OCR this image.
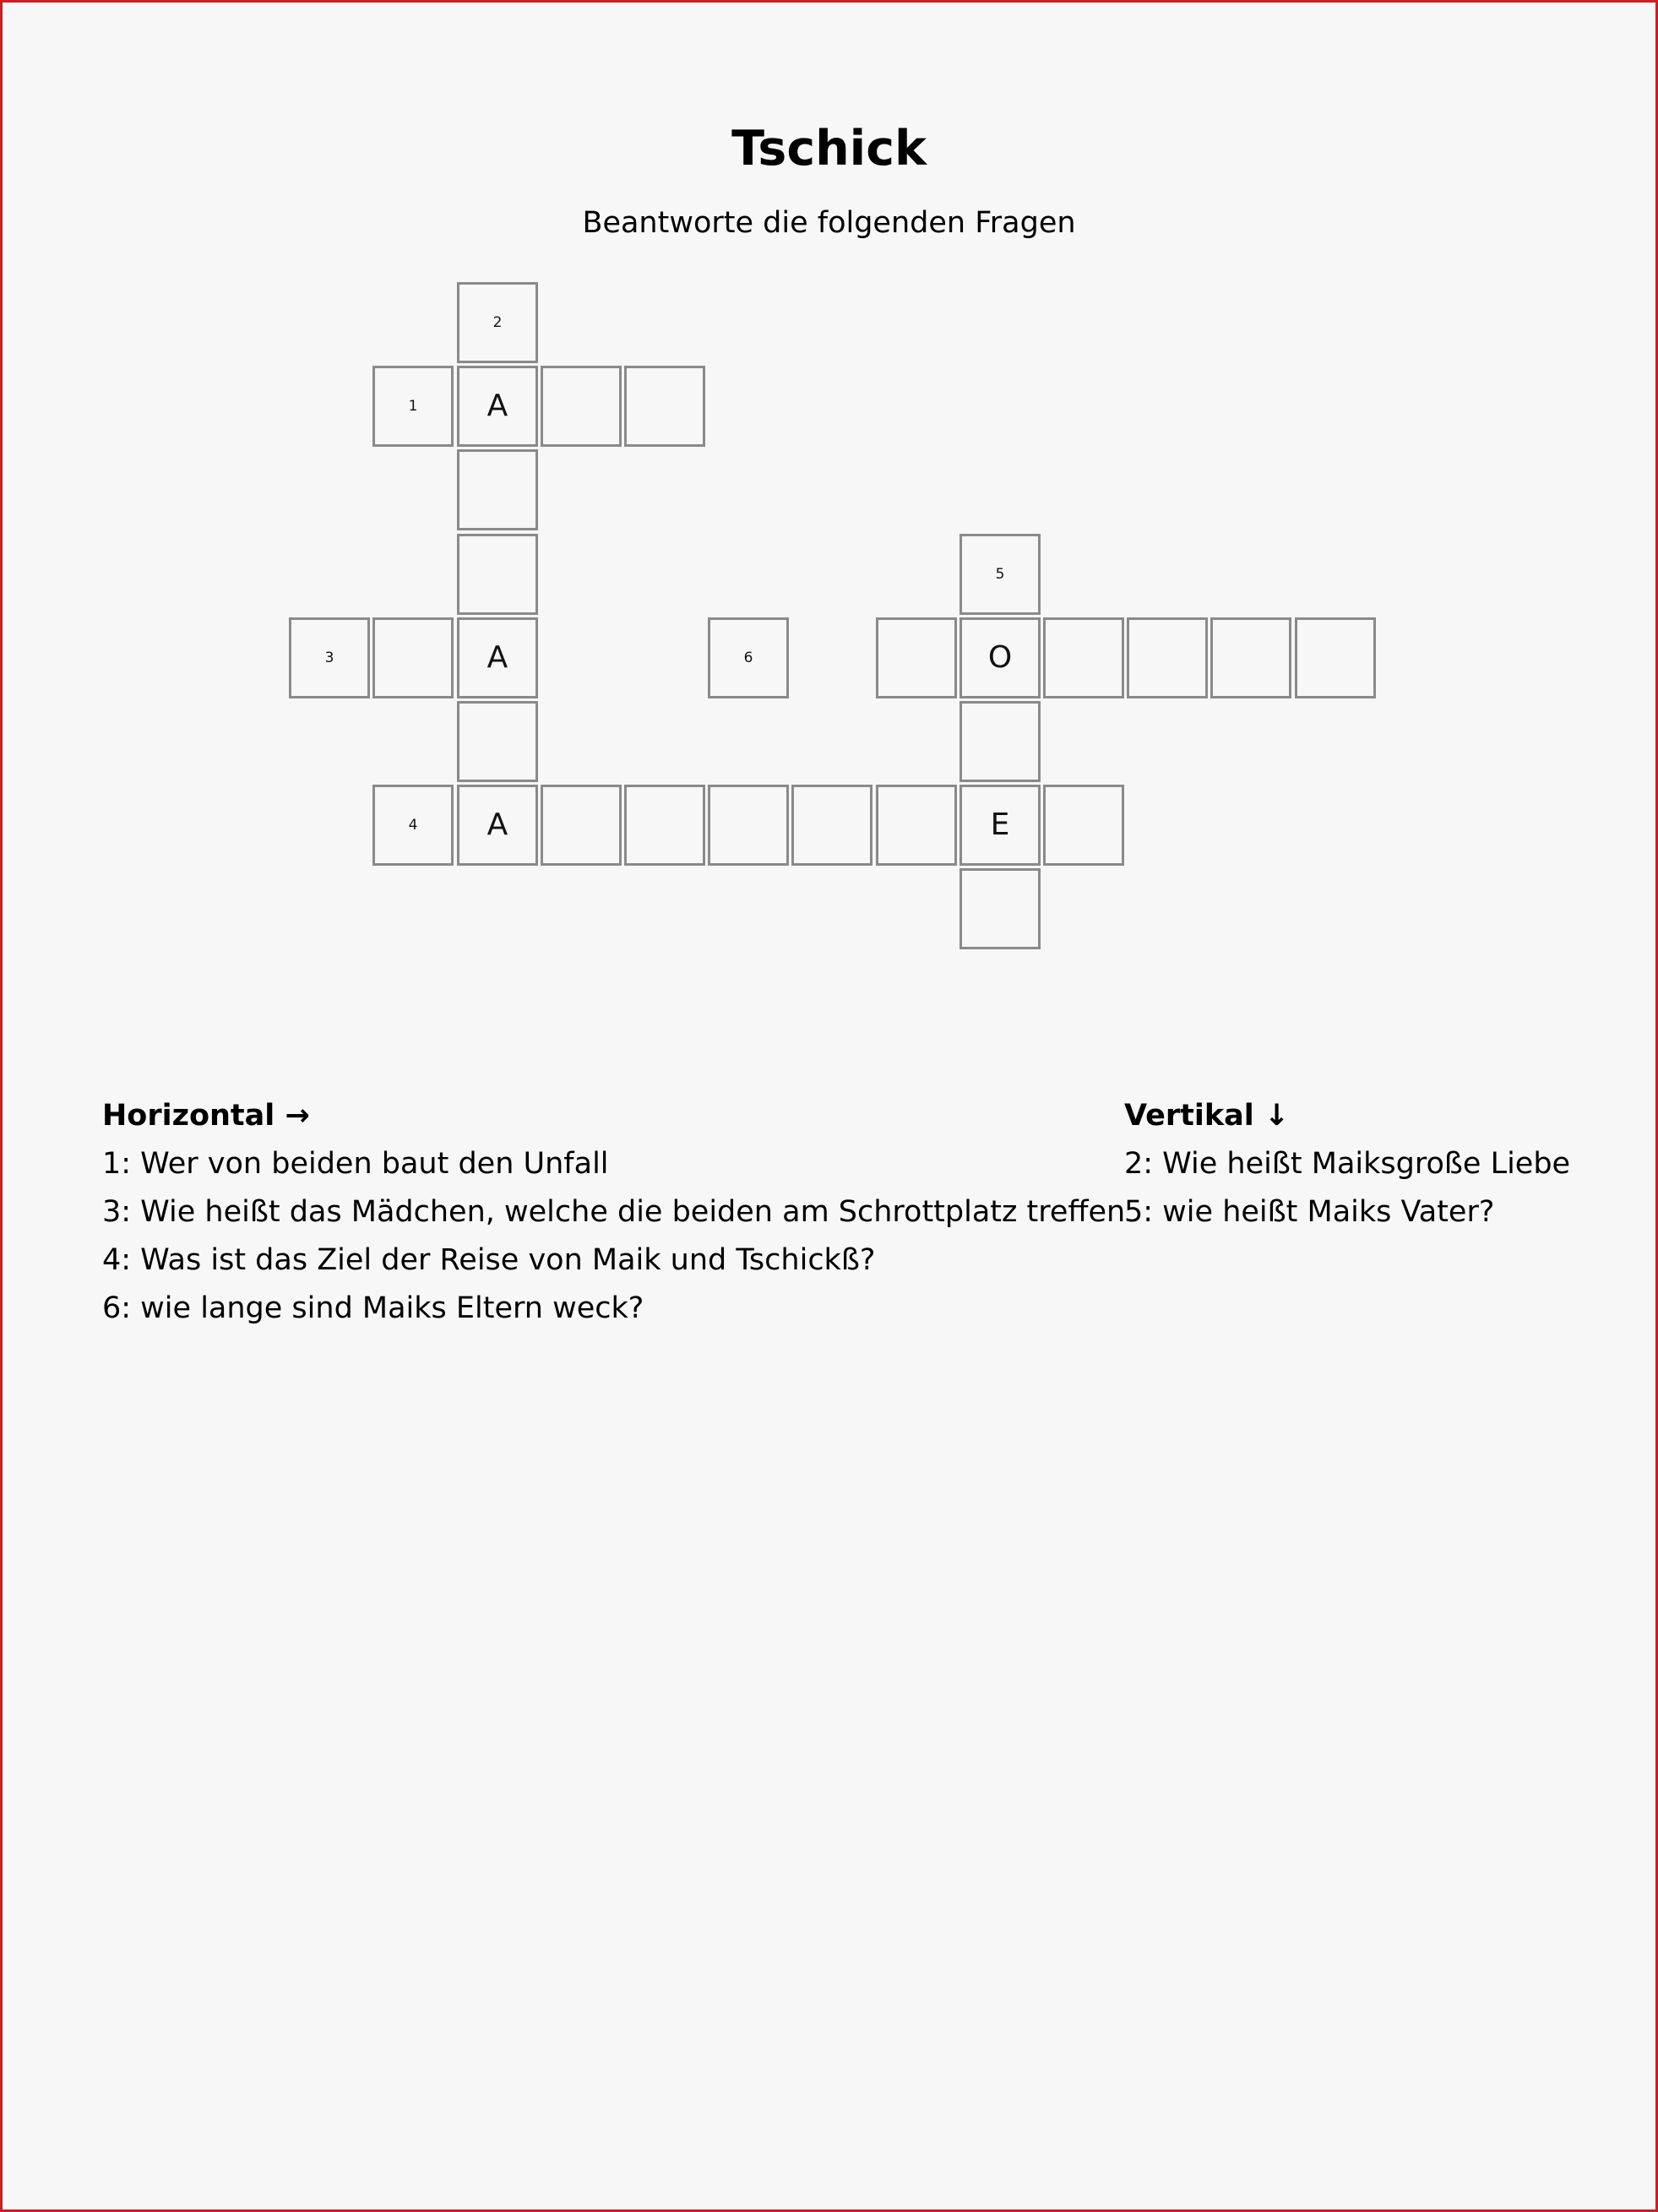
Tschick
Beantworte die folgenden Fragen
2
1	A
5
3	A	6	O
4	A	E
Horizontal →
1: Wer von beiden baut den Unfall
3: Wie heißt das Mädchen, welche die beiden am Schrottplatz treffen
4: Was ist das Ziel der Reise von Maik und Tschickß?
6: wie lange sind Maiks Eltern weck?
Vertikal ↓
2: Wie heißt Maiksgroße Liebe
5: wie heißt Maiks Vater?
